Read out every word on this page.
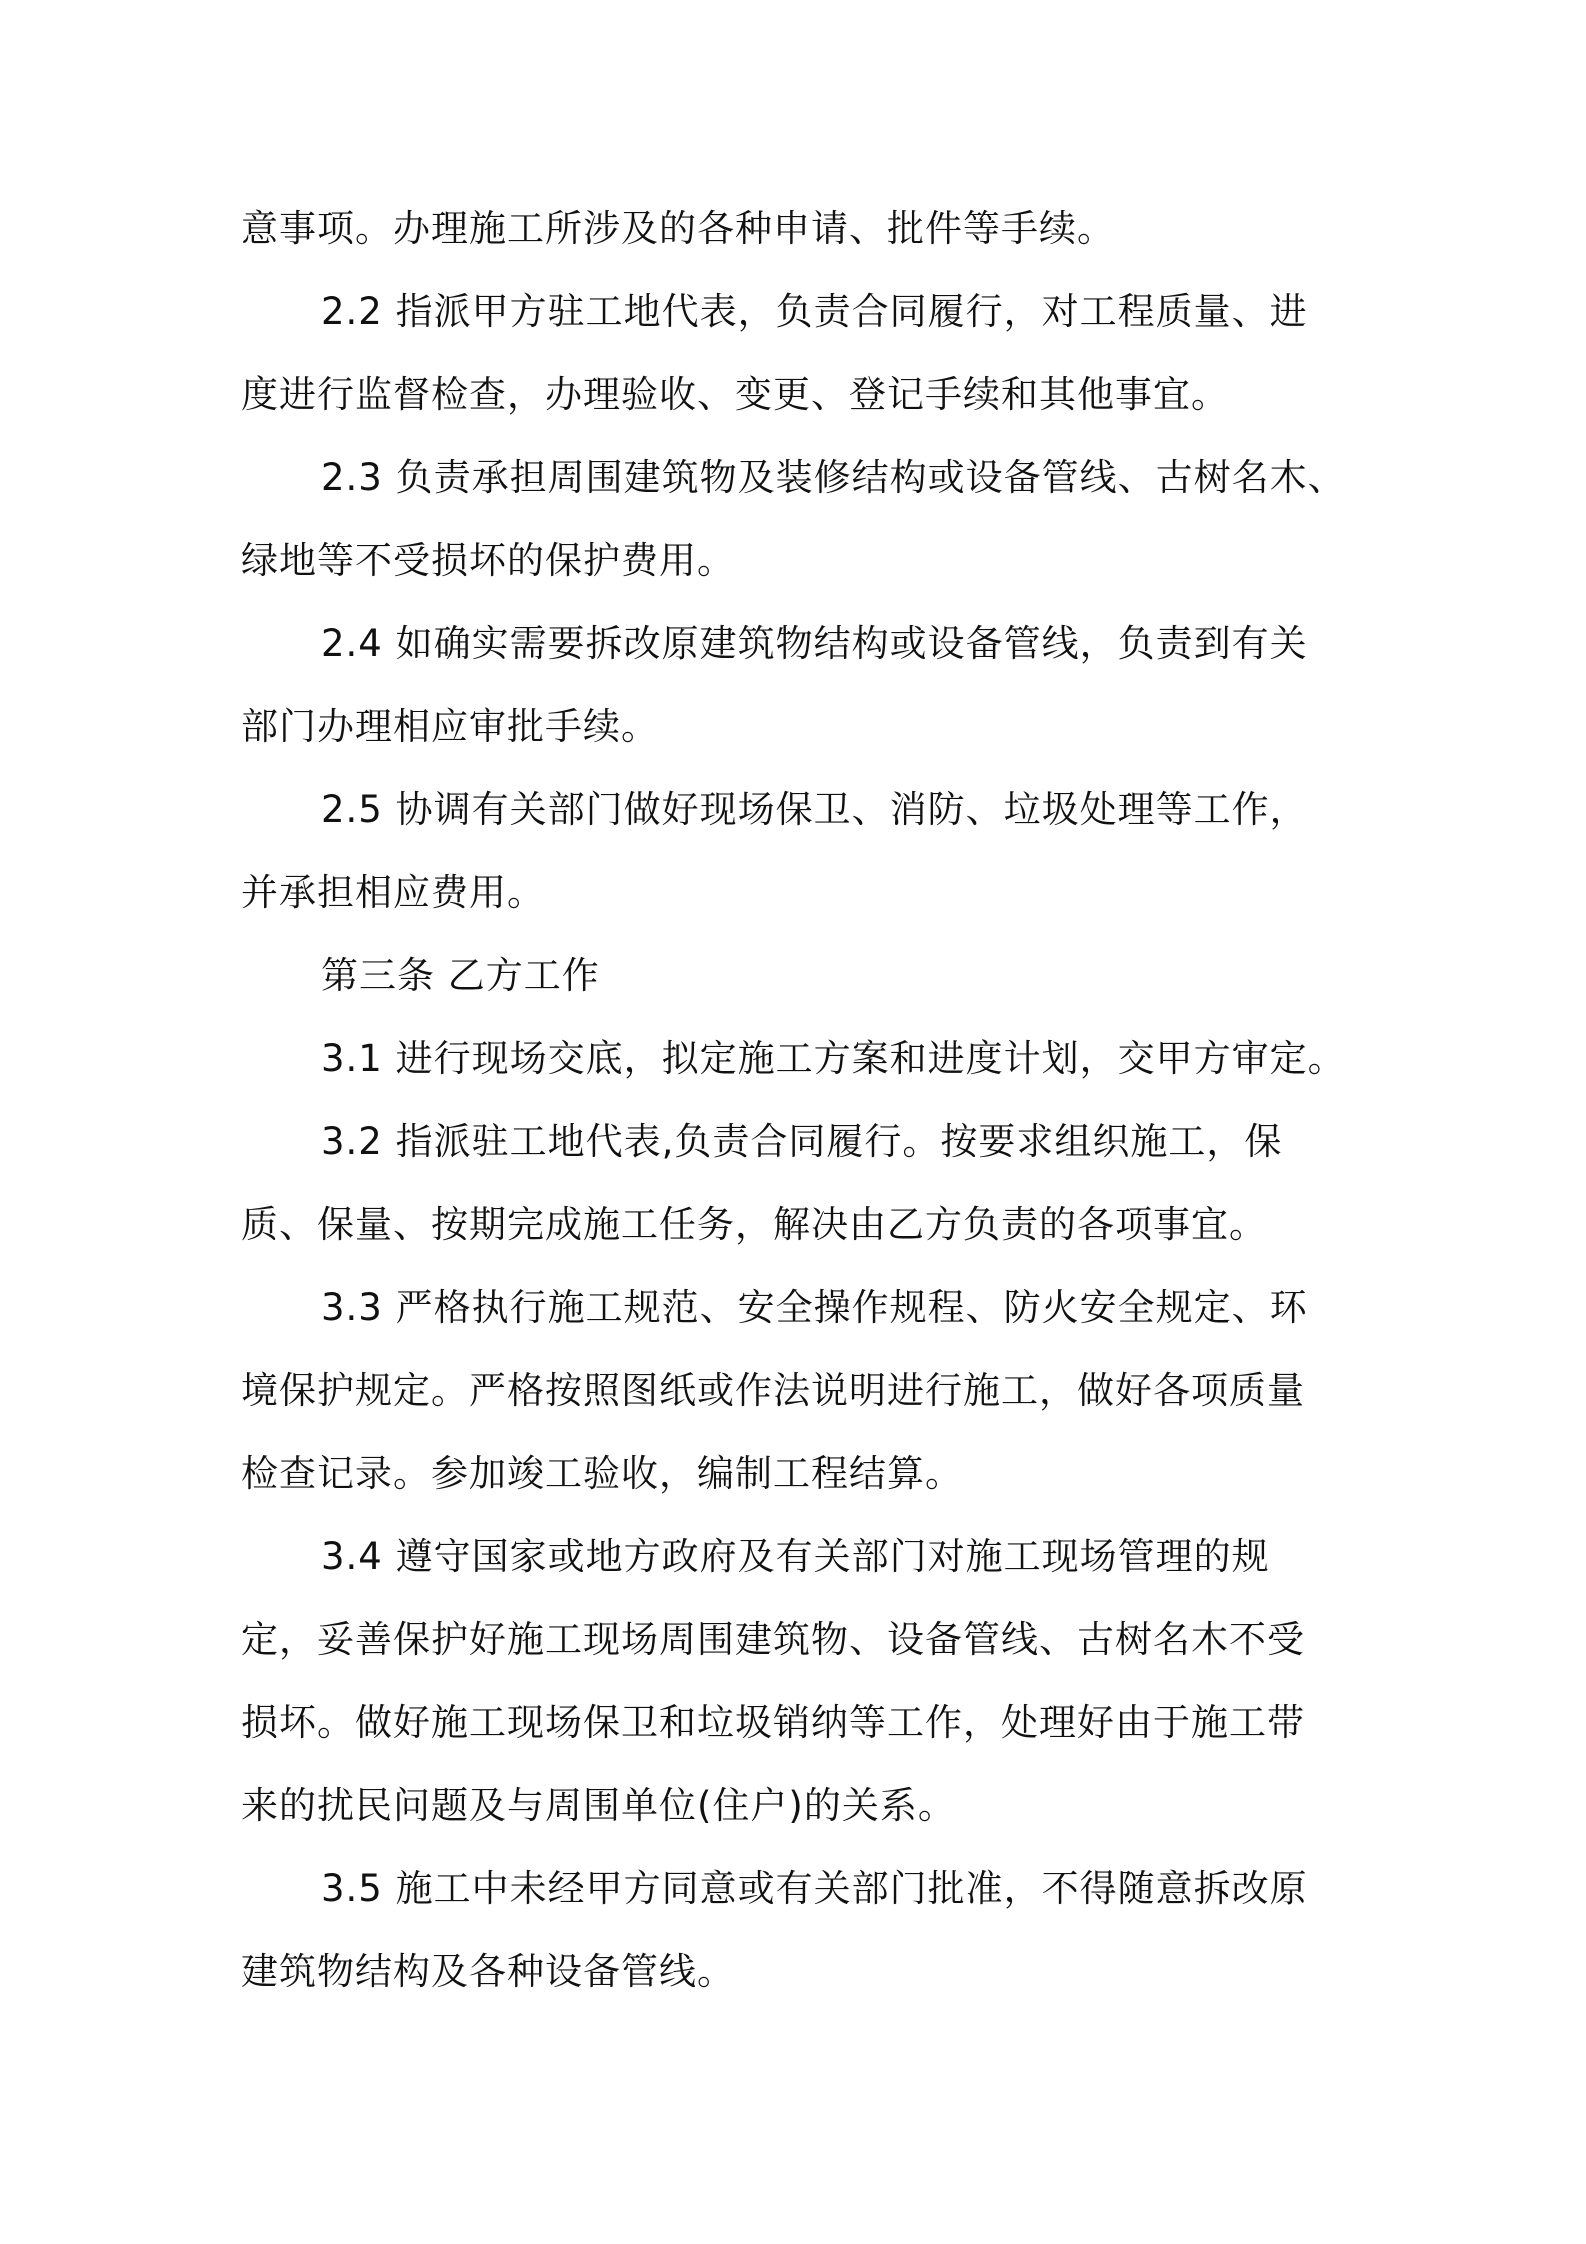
意事项。办理施工所涉及的各种申请、批件等手续。
2.2 指派甲方驻工地代表，负责合同履行，对工程质量、进
度进行监督检查，办理验收、变更、登记手续和其他事宜。
2.3 负责承担周围建筑物及装修结构或设备管线、古树名木、
绿地等不受损坏的保护费用。
2.4 如确实需要拆改原建筑物结构或设备管线，负责到有关
部门办理相应审批手续。
2.5 协调有关部门做好现场保卫、消防、垃圾处理等工作，
并承担相应费用。
第三条 乙方工作
3.1 进行现场交底，拟定施工方案和进度计划，交甲方审定。
3.2 指派驻工地代表,负责合同履行。按要求组织施工，保
质、保量、按期完成施工任务，解决由乙方负责的各项事宜。
3.3 严格执行施工规范、安全操作规程、防火安全规定、环
境保护规定。严格按照图纸或作法说明进行施工，做好各项质量
检查记录。参加竣工验收，编制工程结算。
3.4 遵守国家或地方政府及有关部门对施工现场管理的规
定，妥善保护好施工现场周围建筑物、设备管线、古树名木不受
损坏。做好施工现场保卫和垃圾销纳等工作，处理好由于施工带
来的扰民问题及与周围单位(住户)的关系。
3.5 施工中未经甲方同意或有关部门批准，不得随意拆改原
建筑物结构及各种设备管线。
